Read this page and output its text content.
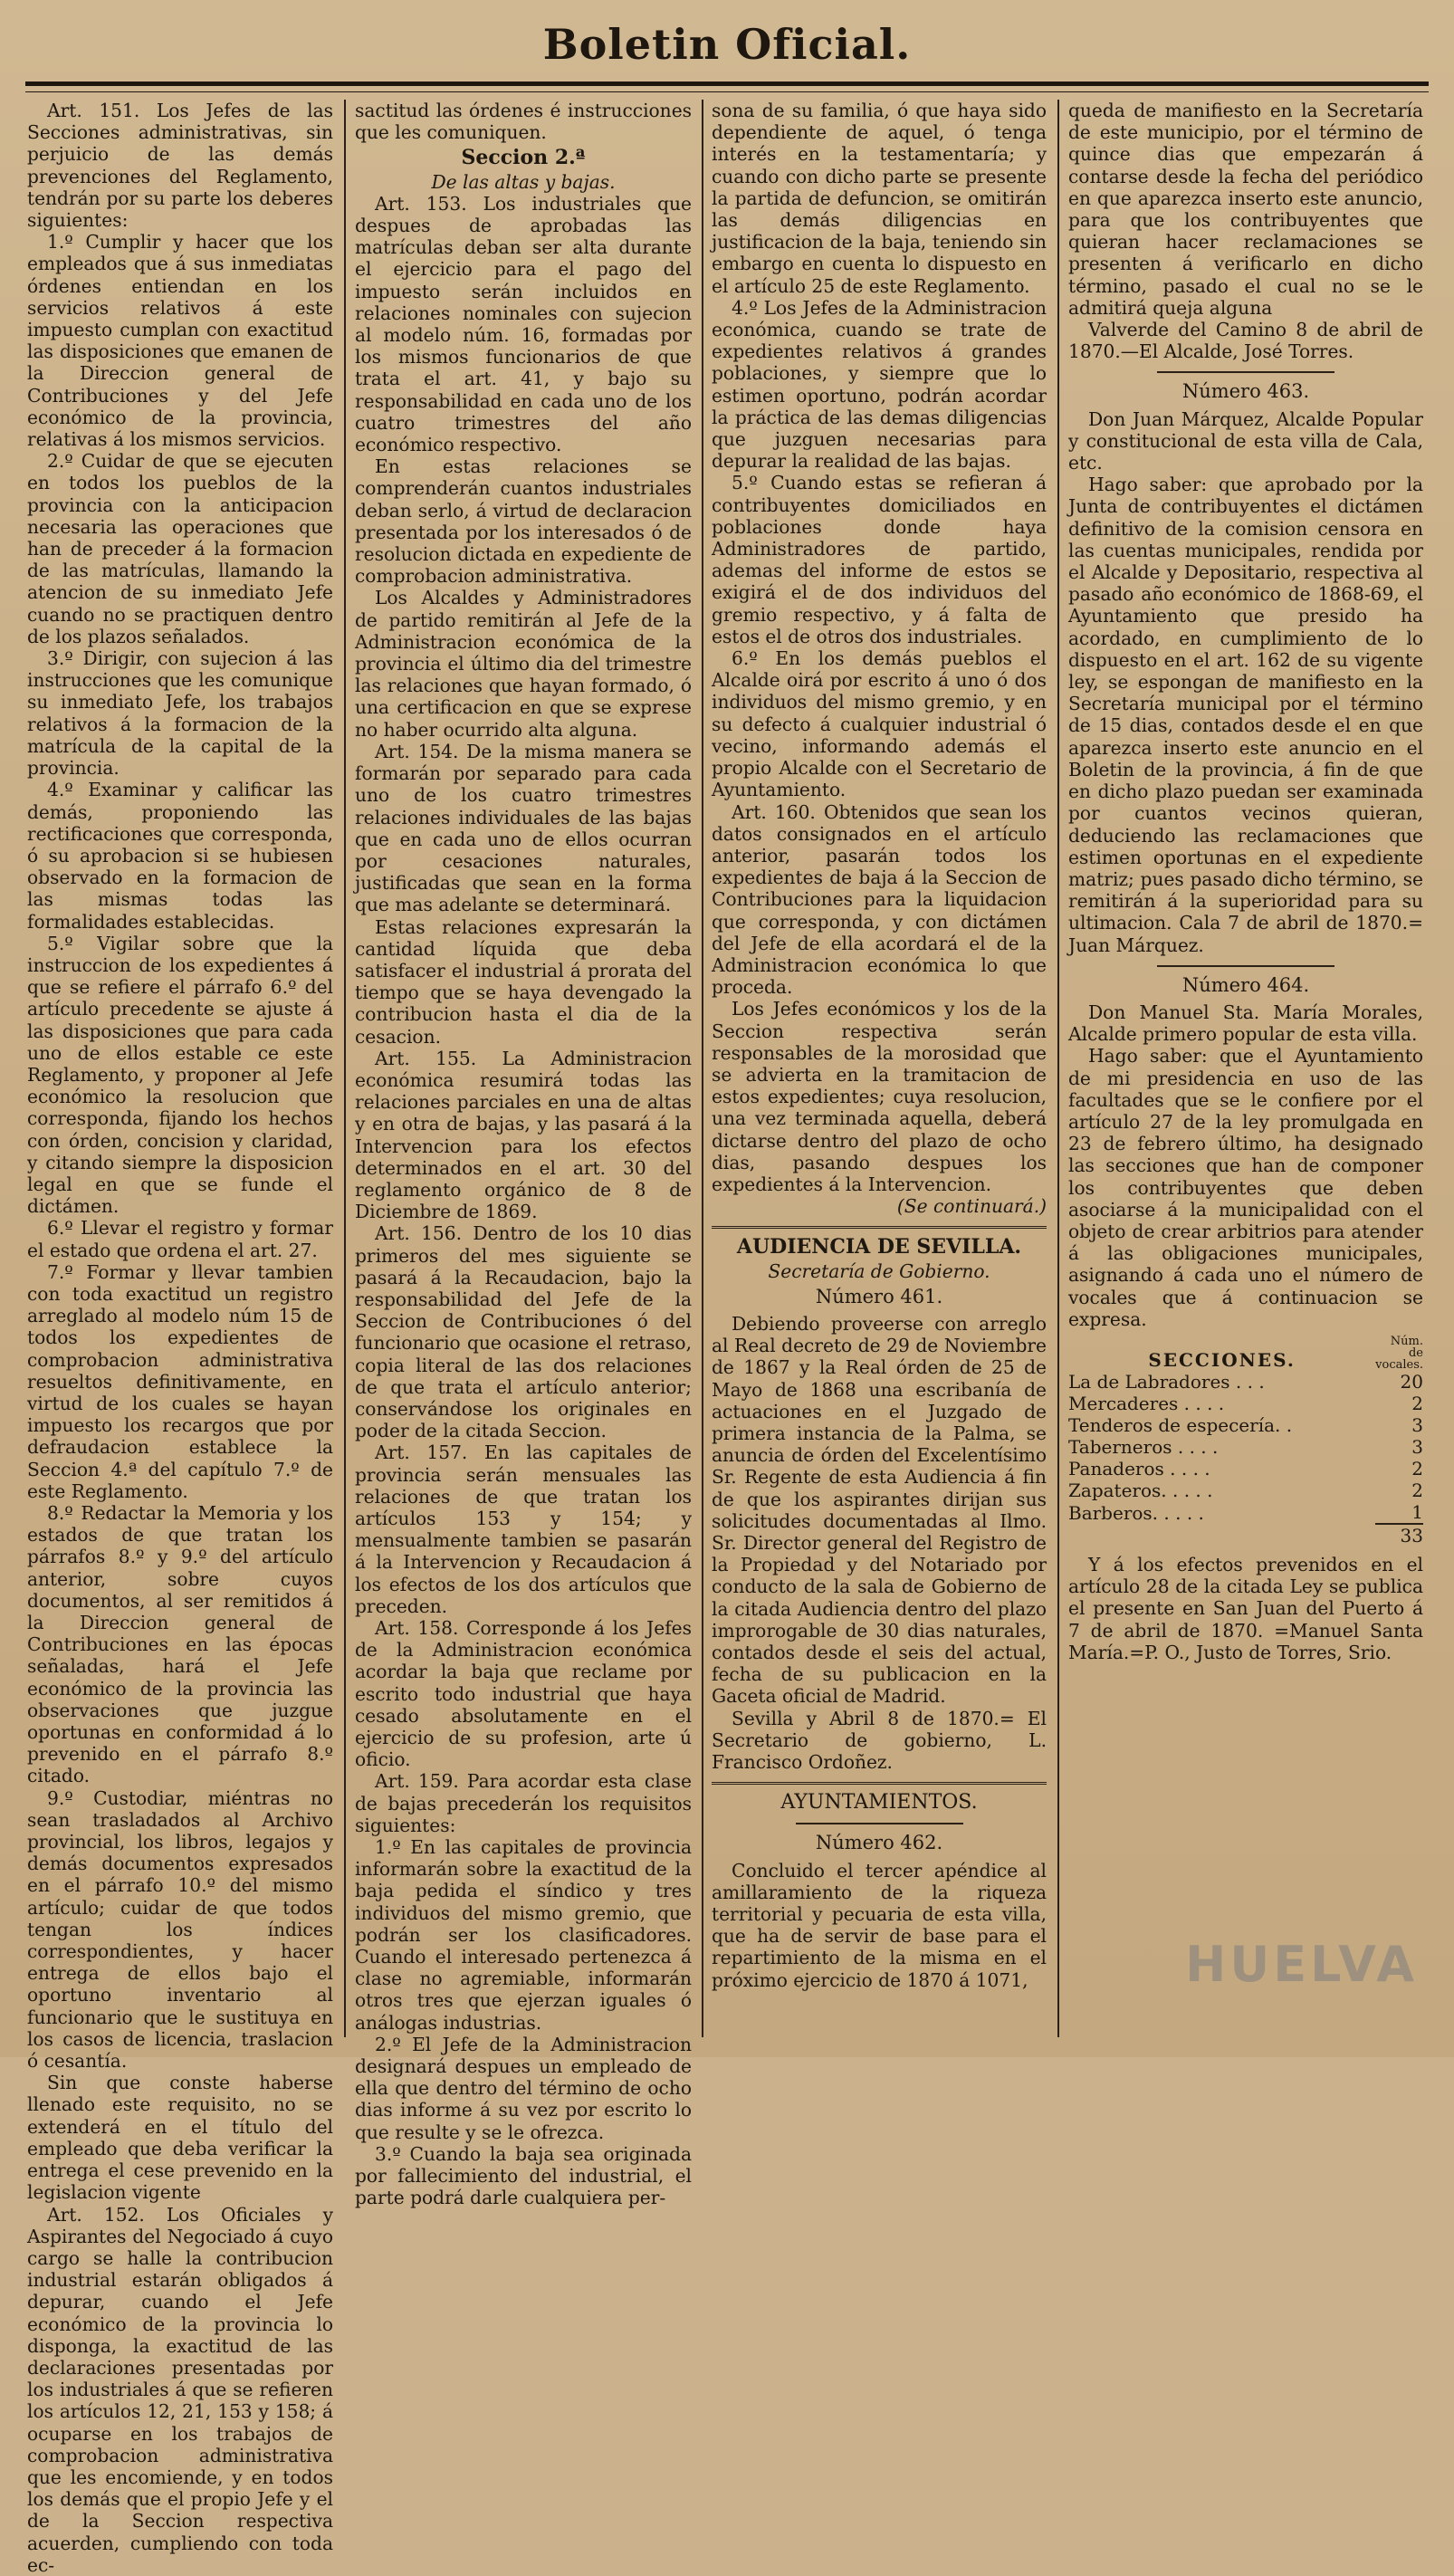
Boletin Oficial.

Art. 151. Los Jefes de las Secciones administrativas, sin perjuicio de las demás prevenciones del Reglamento, tendrán por su parte los deberes siguientes:

1.º Cumplir y hacer que los empleados que á sus inmediatas órdenes entiendan en los servicios relativos á este impuesto cumplan con exactitud las disposiciones que emanen de la Direccion general de Contribuciones y del Jefe económico de la provincia, relativas á los mismos servicios.

2.º Cuidar de que se ejecuten en todos los pueblos de la provincia con la anticipacion necesaria las operaciones que han de preceder á la formacion de las matrículas, llamando la atencion de su inmediato Jefe cuando no se practiquen dentro de los plazos señalados.

3.º Dirigir, con sujecion á las instrucciones que les comunique su inmediato Jefe, los trabajos relativos á la formacion de la matrícula de la capital de la provincia.

4.º Examinar y calificar las demás, proponiendo las rectificaciones que corresponda, ó su aprobacion si se hubiesen observado en la formacion de las mismas todas las formalidades establecidas.

5.º Vigilar sobre que la instruccion de los expedientes á que se refiere el párrafo 6.º del artículo precedente se ajuste á las disposiciones que para cada uno de ellos estable ce este Reglamento, y proponer al Jefe económico la resolucion que corresponda, fijando los hechos con órden, concision y claridad, y citando siempre la disposicion legal en que se funde el dictámen.

6.º Llevar el registro y formar el estado que ordena el art. 27.

7.º Formar y llevar tambien con toda exactitud un registro arreglado al modelo núm 15 de todos los expedientes de comprobacion administrativa resueltos definitivamente, en virtud de los cuales se hayan impuesto los recargos que por defraudacion establece la Seccion 4.ª del capítulo 7.º de este Reglamento.

8.º Redactar la Memoria y los estados de que tratan los párrafos 8.º y 9.º del artículo anterior, sobre cuyos documentos, al ser remitidos á la Direccion general de Contribuciones en las épocas señaladas, hará el Jefe económico de la provincia las observaciones que juzgue oportunas en conformidad á lo prevenido en el párrafo 8.º citado.

9.º Custodiar, miéntras no sean trasladados al Archivo provincial, los libros, legajos y demás documentos expresados en el párrafo 10.º del mismo artículo; cuidar de que todos tengan los índices correspondientes, y hacer entrega de ellos bajo el oportuno inventario al funcionario que le sustituya en los casos de licencia, traslacion ó cesantía.

Sin que conste haberse llenado este requisito, no se extenderá en el título del empleado que deba verificar la entrega el cese prevenido en la legislacion vigente

Art. 152. Los Oficiales y Aspirantes del Negociado á cuyo cargo se halle la contribucion industrial estarán obligados á depurar, cuando el Jefe económico de la provincia lo disponga, la exactitud de las declaraciones presentadas por los industriales á que se refieren los artículos 12, 21, 153 y 158; á ocuparse en los trabajos de comprobacion administrativa que les encomiende, y en todos los demás que el propio Jefe y el de la Seccion respectiva acuerden, cumpliendo con toda ec-

sactitud las órdenes é instrucciones que les comuniquen.

Seccion 2.ª

De las altas y bajas.

Art. 153. Los industriales que despues de aprobadas las matrículas deban ser alta durante el ejercicio para el pago del impuesto serán incluidos en relaciones nominales con sujecion al modelo núm. 16, formadas por los mismos funcionarios de que trata el art. 41, y bajo su responsabilidad en cada uno de los cuatro trimestres del año económico respectivo.

En estas relaciones se comprenderán cuantos industriales deban serlo, á virtud de declaracion presentada por los interesados ó de resolucion dictada en expediente de comprobacion administrativa.

Los Alcaldes y Administradores de partido remitirán al Jefe de la Administracion económica de la provincia el último dia del trimestre las relaciones que hayan formado, ó una certificacion en que se exprese no haber ocurrido alta alguna.

Art. 154. De la misma manera se formarán por separado para cada uno de los cuatro trimestres relaciones individuales de las bajas que en cada uno de ellos ocurran por cesaciones naturales, justificadas que sean en la forma que mas adelante se determinará.

Estas relaciones expresarán la cantidad líquida que deba satisfacer el industrial á prorata del tiempo que se haya devengado la contribucion hasta el dia de la cesacion.

Art. 155. La Administracion económica resumirá todas las relaciones parciales en una de altas y en otra de bajas, y las pasará á la Intervencion para los efectos determinados en el art. 30 del reglamento orgánico de 8 de Diciembre de 1869.

Art. 156. Dentro de los 10 dias primeros del mes siguiente se pasará á la Recaudacion, bajo la responsabilidad del Jefe de la Seccion de Contribuciones ó del funcionario que ocasione el retraso, copia literal de las dos relaciones de que trata el artículo anterior; conservándose los originales en poder de la citada Seccion.

Art. 157. En las capitales de provincia serán mensuales las relaciones de que tratan los artículos 153 y 154; y mensualmente tambien se pasarán á la Intervencion y Recaudacion á los efectos de los dos artículos que preceden.

Art. 158. Corresponde á los Jefes de la Administracion económica acordar la baja que reclame por escrito todo industrial que haya cesado absolutamente en el ejercicio de su profesion, arte ú oficio.

Art. 159. Para acordar esta clase de bajas precederán los requisitos siguientes:

1.º En las capitales de provincia informarán sobre la exactitud de la baja pedida el síndico y tres individuos del mismo gremio, que podrán ser los clasificadores. Cuando el interesado pertenezca á clase no agremiable, informarán otros tres que ejerzan iguales ó análogas industrias.

2.º El Jefe de la Administracion designará despues un empleado de ella que dentro del término de ocho dias informe á su vez por escrito lo que resulte y se le ofrezca.

3.º Cuando la baja sea originada por fallecimiento del industrial, el parte podrá darle cualquiera per-

sona de su familia, ó que haya sido dependiente de aquel, ó tenga interés en la testamentaría; y cuando con dicho parte se presente la partida de defuncion, se omitirán las demás diligencias en justificacion de la baja, teniendo sin embargo en cuenta lo dispuesto en el artículo 25 de este Reglamento.

4.º Los Jefes de la Administracion económica, cuando se trate de expedientes relativos á grandes poblaciones, y siempre que lo estimen oportuno, podrán acordar la práctica de las demas diligencias que juzguen necesarias para depurar la realidad de las bajas.

5.º Cuando estas se refieran á contribuyentes domiciliados en poblaciones donde haya Administradores de partido, ademas del informe de estos se exigirá el de dos individuos del gremio respectivo, y á falta de estos el de otros dos industriales.

6.º En los demás pueblos el Alcalde oirá por escrito á uno ó dos individuos del mismo gremio, y en su defecto á cualquier industrial ó vecino, informando además el propio Alcalde con el Secretario de Ayuntamiento.

Art. 160. Obtenidos que sean los datos consignados en el artículo anterior, pasarán todos los expedientes de baja á la Seccion de Contribuciones para la liquidacion que corresponda, y con dictámen del Jefe de ella acordará el de la Administracion económica lo que proceda.

Los Jefes económicos y los de la Seccion respectiva serán responsables de la morosidad que se advierta en la tramitacion de estos expedientes; cuya resolucion, una vez terminada aquella, deberá dictarse dentro del plazo de ocho dias, pasando despues los expedientes á la Intervencion.

(Se continuará.)

AUDIENCIA DE SEVILLA.

Secretaría de Gobierno.

Número 461.

Debiendo proveerse con arreglo al Real decreto de 29 de Noviembre de 1867 y la Real órden de 25 de Mayo de 1868 una escribanía de actuaciones en el Juzgado de primera instancia de la Palma, se anuncia de órden del Excelentísimo Sr. Regente de esta Audiencia á fin de que los aspirantes dirijan sus solicitudes documentadas al Ilmo. Sr. Director general del Registro de la Propiedad y del Notariado por conducto de la sala de Gobierno de la citada Audiencia dentro del plazo improrogable de 30 dias naturales, contados desde el seis del actual, fecha de su publicacion en la Gaceta oficial de Madrid.

Sevilla y Abril 8 de 1870.= El Secretario de gobierno, L. Francisco Ordoñez.

AYUNTAMIENTOS.

Número 462.

Concluido el tercer apéndice al amillaramiento de la riqueza territorial y pecuaria de esta villa, que ha de servir de base para el repartimiento de la misma en el próximo ejercicio de 1870 á 1071,

queda de manifiesto en la Secretaría de este municipio, por el término de quince dias que empezarán á contarse desde la fecha del periódico en que aparezca inserto este anuncio, para que los contribuyentes que quieran hacer reclamaciones se presenten á verificarlo en dicho término, pasado el cual no se le admitirá queja alguna

Valverde del Camino 8 de abril de 1870.—El Alcalde, José Torres.

Número 463.

Don Juan Márquez, Alcalde Popular y constitucional de esta villa de Cala, etc.

Hago saber: que aprobado por la Junta de contribuyentes el dictámen definitivo de la comision censora en las cuentas municipales, rendida por el Alcalde y Depositario, respectiva al pasado año económico de 1868-69, el Ayuntamiento que presido ha acordado, en cumplimiento de lo dispuesto en el art. 162 de su vigente ley, se espongan de manifiesto en la Secretaría municipal por el término de 15 dias, contados desde el en que aparezca inserto este anuncio en el Boletin de la provincia, á fin de que en dicho plazo puedan ser examinada por cuantos vecinos quieran, deduciendo las reclamaciones que estimen oportunas en el expediente matriz; pues pasado dicho término, se remitirán á la superioridad para su ultimacion. Cala 7 de abril de 1870.= Juan Márquez.

Número 464.

Don Manuel Sta. María Morales, Alcalde primero popular de esta villa.

Hago saber: que el Ayuntamiento de mi presidencia en uso de las facultades que se le confiere por el artículo 27 de la ley promulgada en 23 de febrero último, ha designado las secciones que han de componer los contribuyentes que deben asociarse á la municipalidad con el objeto de crear arbitrios para atender á las obligaciones municipales, asignando á cada uno el número de vocales que á continuacion se expresa.

SECCIONES.	Núm. de vocales.
La de Labradores . . .	20
Mercaderes . . . .	2
Tenderos de especería. .	3
Taberneros . . . .	3
Panaderos . . . .	2
Zapateros. . . . .	2
Barberos. . . . .	1
	33

Y á los efectos prevenidos en el artículo 28 de la citada Ley se publica el presente en San Juan del Puerto á 7 de abril de 1870. =Manuel Santa María.=P. O., Justo de Torres, Srio.

HUELVA
